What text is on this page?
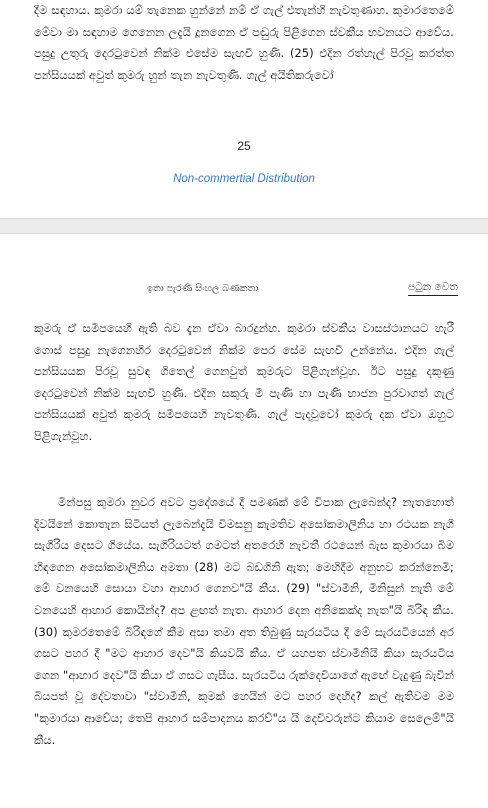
දීම සඳහාය. කුමරා යම් තැනෙක හුන්නේ නම් ඒ ගැල් එතැන්හි නැවතුණාහ. කුමාරතෙමේ මේවා මා සඳහාම ගෙනෙන ලදැයි දූනගෙන ඒ පඬුරු පිළිගෙන ස්වකීය භවනයට ආවේය. පසුදු උතුරු දෙරටුවෙන් නික්ම එසේම සැඟවී හුණි. (25) එදින රත්හැල් පිරවූ කරත්ත පන්සියයක් අවුත් කුමරු හුන් තැන නැවතුණි. ගැල් අයිතිකරුවෝ

25
Non-commertial Distribution
ඉතා පැරණි සිංහල බණකතා	පටුන වෙත

කුමරු ඒ සමීපයෙහි ඇති බව දැන ඒවා බාරදුන්හ. කුමරා ස්වකීය වාසස්ථානයට හැරී ගොස් පසුදු නැගෙනහිර දෙරටුවෙන් නික්ම පෙර සේම සැඟවී උන්නේය. එදින ගැල් පන්සියයක පිරවූ සුවඳ ගිතෙල් ගෙනවුත් කුමරුට පිළිගැන්වූහ. ඊට පසුදු දකුණු දෙරටුවෙන් නික්ම සැඟවී හුණි. එදින සකුරු මී පැණි හා පැණි භාජන පුරවාගත් ගැල් පන්සියයක් අවුත් කුමරු සමීපයෙහි නැවතුණි. ගැල් පැදවූවෝ කුමරු දක ඒවා ඔහුට පිළිගැන්වූහ.

මින්පසු කුමරා නුවර අවට ප්‍රදේශයේ දී පමණක් මේ විපාක ලැබෙන්ද? නැතහොත් දිවයිනේ කොතැන සිටියත් ලැබෙන්දැයි විමසනු කැමතිව අසෝකමාලිනිය හා රථයක නැගී සැගිරිය දෙසට ගියේය. සැගිරියටත් ගමටත් අතරෙහි නැවතී රථයෙන් බැස කුමාරයා බිම හිඳගෙන අසෝකමාලිනිය අමතා (28) මට බඩගිනි ඇත; මෙහිදීම අනුභව කරන්නෙමි; මේ වනයෙහි සොයා වහා ආහාර ගෙනව"යි කීය. (29) "ස්වාමීනි, මිනිසුන් නැති මේ වනයෙහි ආහාර කොයින්ද? අප ළඟත් නැත. ආහාර දෙන අනිකෙක්ද නැත"යි බිරිඳ කීය. (30) කුමරතෙමේ බිරිඳගේ කීම අසා තමා අත තිබුණු සැරයටිය දී මේ සැරයටියෙන් අර ගසට පහර දී "මට ආහාර දෙව"යි කියවයි කීය. ඒ යහපත ස්වාමීනියි කියා සැරයටිය ගෙන "ආහාර දෙව"යි කියා ඒ ගසට ගැසීය. සැරයටිය රුක්දෙවියාගේ ඇඟේ වැදුණු බැවින් බියපත් වූ දේවතාවා "ස්වාමීනි, කුමක් හෙයින් මට පහර දෙහිද? කල් ඇතිවම මම "කුමාරයා ආවේය; තෙපි ආහාර සම්පාදනය කරව්"ය යි දෙවිවරුන්ට කියාම සෙලෙම්"යි කීය.
